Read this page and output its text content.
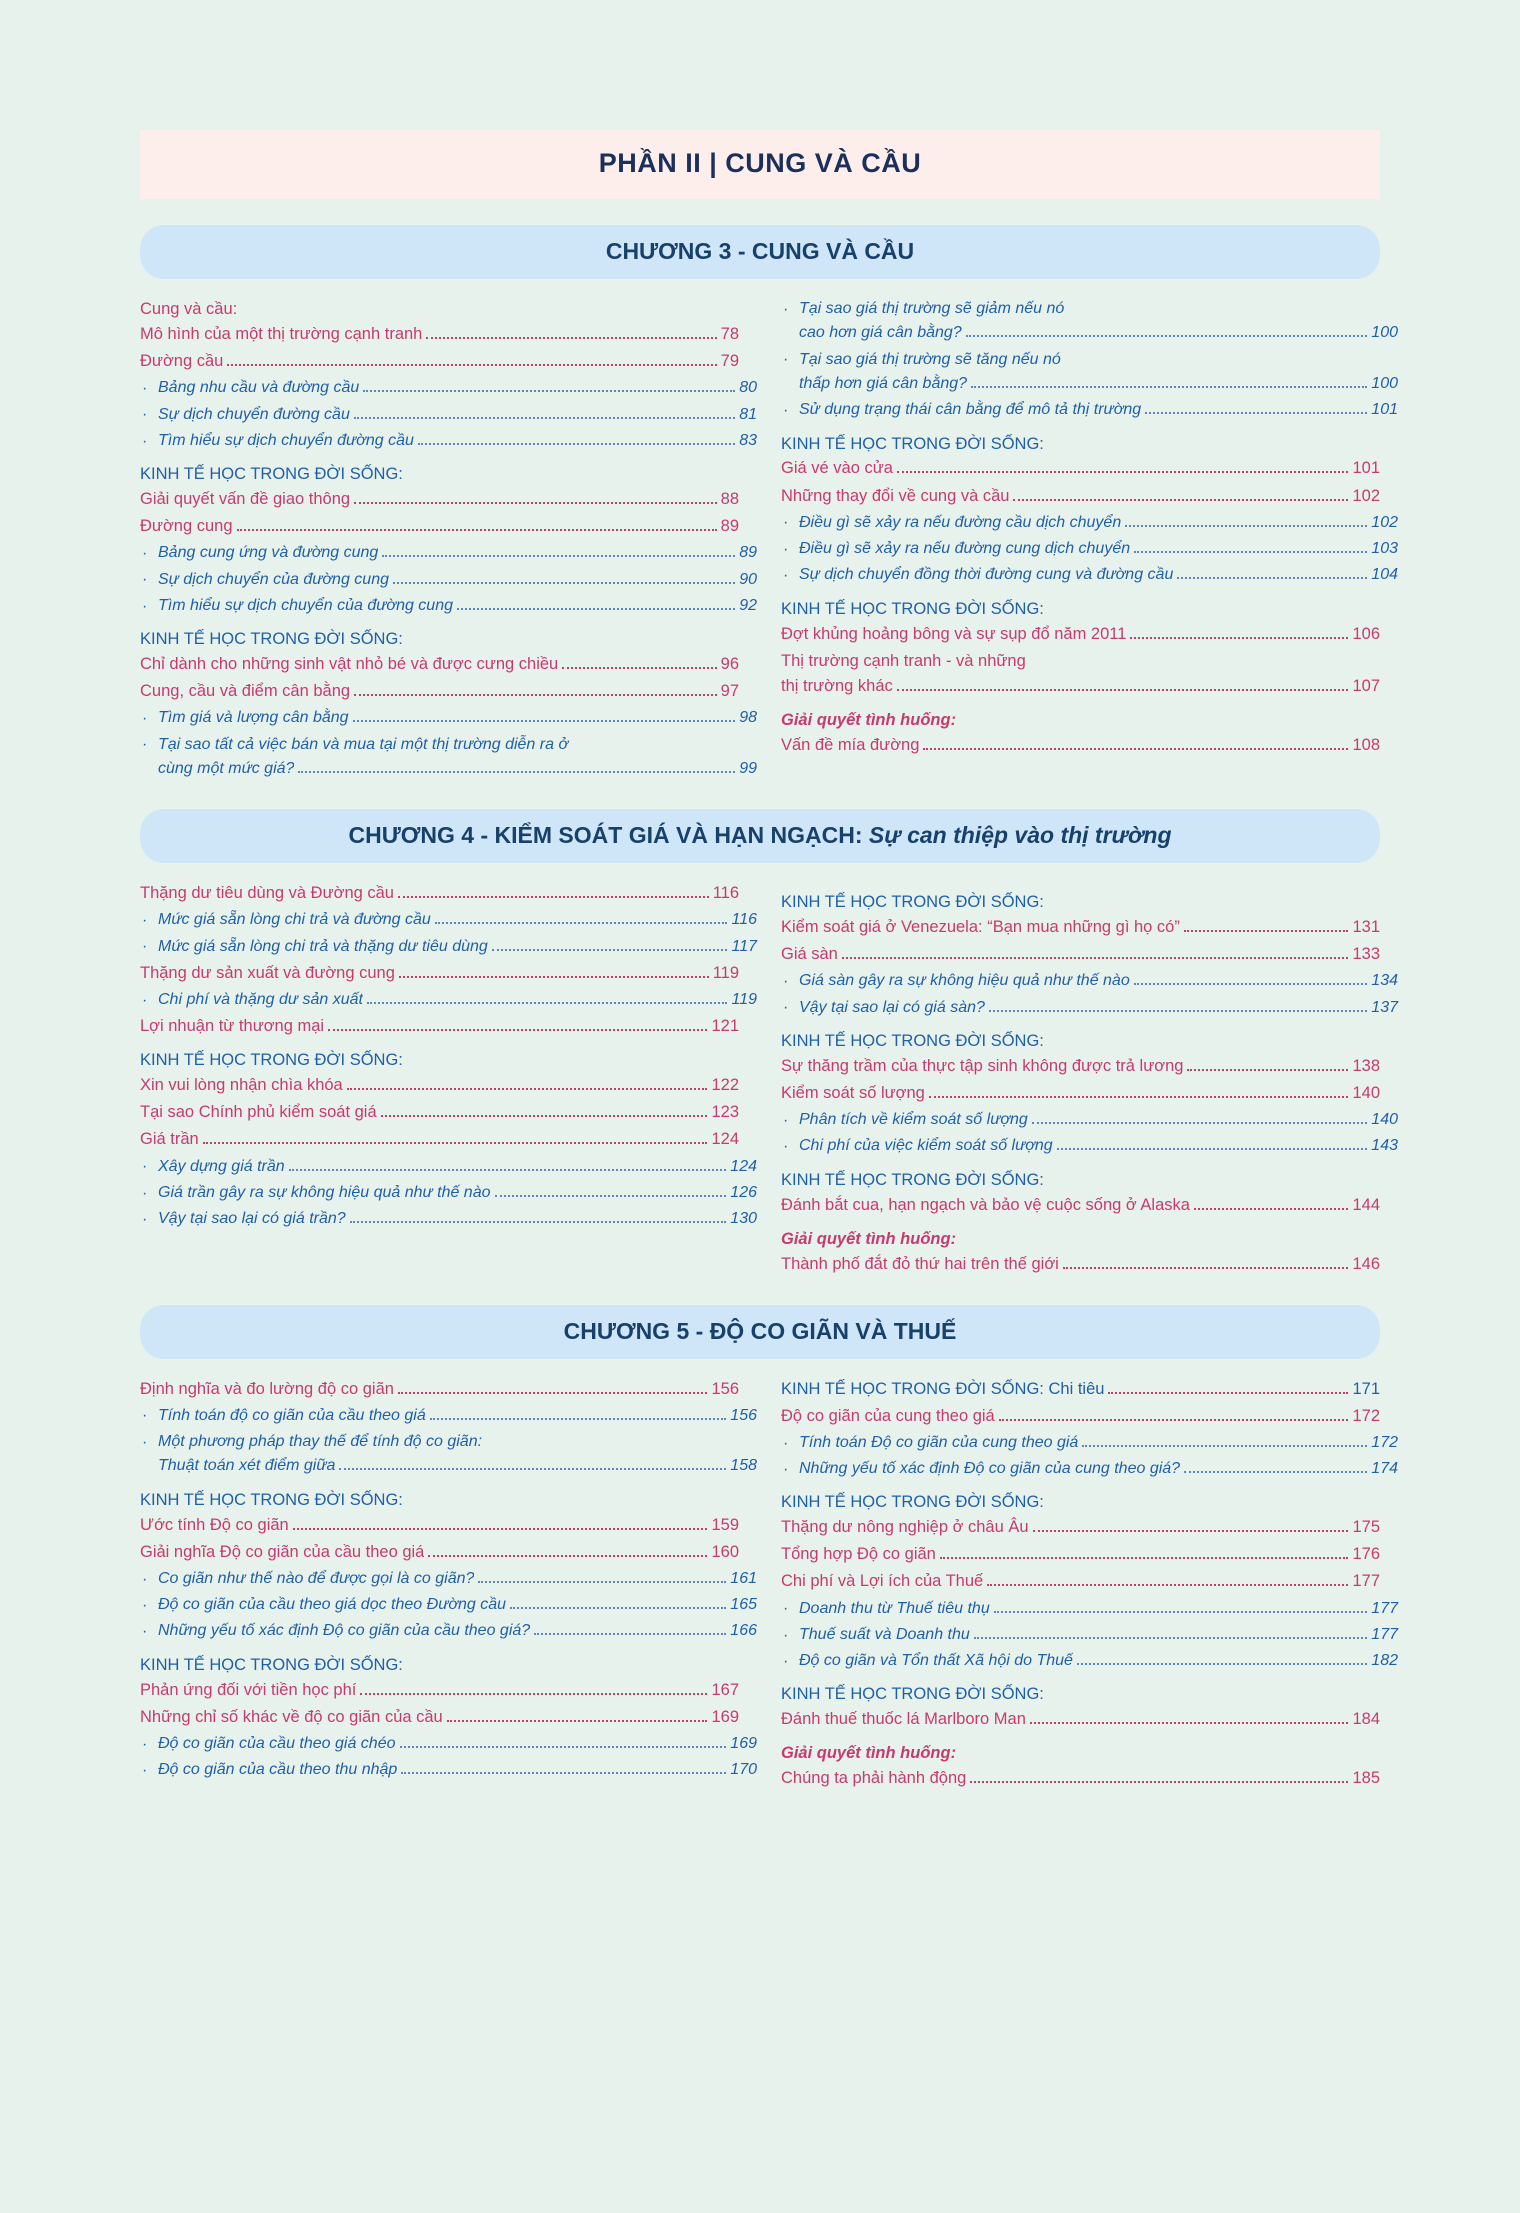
PHẦN II | CUNG VÀ CẦU
CHƯƠNG 3 - CUNG VÀ CẦU
Cung và cầu:
Mô hình của một thị trường cạnh tranh	78
Đường cầu	79
· Bảng nhu cầu và đường cầu	80
· Sự dịch chuyển đường cầu	81
· Tìm hiểu sự dịch chuyển đường cầu	83
KINH TẾ HỌC TRONG ĐỜI SỐNG:
Giải quyết vấn đề giao thông	88
Đường cung	89
· Bảng cung ứng và đường cung	89
· Sự dịch chuyển của đường cung	90
· Tìm hiểu sự dịch chuyển của đường cung	92
KINH TẾ HỌC TRONG ĐỜI SỐNG:
Chỉ dành cho những sinh vật nhỏ bé và được cưng chiều	96
Cung, cầu và điểm cân bằng	97
· Tìm giá và lượng cân bằng	98
· Tại sao tất cả việc bán và mua tại một thị trường diễn ra ở
cùng một mức giá?	99
· Tại sao giá thị trường sẽ giảm nếu nó
cao hơn giá cân bằng?	100
· Tại sao giá thị trường sẽ tăng nếu nó
thấp hơn giá cân bằng?	100
· Sử dụng trạng thái cân bằng để mô tả thị trường	101
KINH TẾ HỌC TRONG ĐỜI SỐNG:
Giá vé vào cửa	101
Những thay đổi về cung và cầu	102
· Điều gì sẽ xảy ra nếu đường cầu dịch chuyển	102
· Điều gì sẽ xảy ra nếu đường cung dịch chuyển	103
· Sự dịch chuyển đồng thời đường cung và đường cầu	104
KINH TẾ HỌC TRONG ĐỜI SỐNG:
Đợt khủng hoảng bông và sự sụp đổ năm 2011	106
Thị trường cạnh tranh - và những
thị trường khác	107
Giải quyết tình huống:
Vấn đề mía đường	108
CHƯƠNG 4 - KIỂM SOÁT GIÁ VÀ HẠN NGẠCH: Sự can thiệp vào thị trường
Thặng dư tiêu dùng và Đường cầu	116
· Mức giá sẵn lòng chi trả và đường cầu	116
· Mức giá sẵn lòng chi trả và thặng dư tiêu dùng	117
Thặng dư sản xuất và đường cung	119
· Chi phí và thặng dư sản xuất	119
Lợi nhuận từ thương mại	121
KINH TẾ HỌC TRONG ĐỜI SỐNG:
Xin vui lòng nhận chìa khóa	122
Tại sao Chính phủ kiểm soát giá	123
Giá trần	124
· Xây dựng giá trần	124
· Giá trần gây ra sự không hiệu quả như thế nào	126
· Vậy tại sao lại có giá trần?	130
KINH TẾ HỌC TRONG ĐỜI SỐNG:
Kiểm soát giá ở Venezuela: “Bạn mua những gì họ có”	131
Giá sàn	133
· Giá sàn gây ra sự không hiệu quả như thế nào	134
· Vậy tại sao lại có giá sàn?	137
KINH TẾ HỌC TRONG ĐỜI SỐNG:
Sự thăng trầm của thực tập sinh không được trả lương	138
Kiểm soát số lượng	140
· Phân tích về kiểm soát số lượng	140
· Chi phí của việc kiểm soát số lượng	143
KINH TẾ HỌC TRONG ĐỜI SỐNG:
Đánh bắt cua, hạn ngạch và bảo vệ cuộc sống ở Alaska	144
Giải quyết tình huống:
Thành phố đắt đỏ thứ hai trên thế giới	146
CHƯƠNG 5 - ĐỘ CO GIÃN VÀ THUẾ
Định nghĩa và đo lường độ co giãn	156
· Tính toán độ co giãn của cầu theo giá	156
· Một phương pháp thay thế để tính độ co giãn:
Thuật toán xét điểm giữa	158
KINH TẾ HỌC TRONG ĐỜI SỐNG:
Ước tính Độ co giãn	159
Giải nghĩa Độ co giãn của cầu theo giá	160
· Co giãn như thế nào để được gọi là co giãn?	161
· Độ co giãn của cầu theo giá dọc theo Đường cầu	165
· Những yếu tố xác định Độ co giãn của cầu theo giá?	166
KINH TẾ HỌC TRONG ĐỜI SỐNG:
Phản ứng đối với tiền học phí	167
Những chỉ số khác về độ co giãn của cầu	169
· Độ co giãn của cầu theo giá chéo	169
· Độ co giãn của cầu theo thu nhập	170
KINH TẾ HỌC TRONG ĐỜI SỐNG: Chi tiêu	171
Độ co giãn của cung theo giá	172
· Tính toán Độ co giãn của cung theo giá	172
· Những yếu tố xác định Độ co giãn của cung theo giá?	174
KINH TẾ HỌC TRONG ĐỜI SỐNG:
Thặng dư nông nghiệp ở châu Âu	175
Tổng hợp Độ co giãn	176
Chi phí và Lợi ích của Thuế	177
· Doanh thu từ Thuế tiêu thụ	177
· Thuế suất và Doanh thu	177
· Độ co giãn và Tổn thất Xã hội do Thuế	182
KINH TẾ HỌC TRONG ĐỜI SỐNG:
Đánh thuế thuốc lá Marlboro Man	184
Giải quyết tình huống:
Chúng ta phải hành động	185
